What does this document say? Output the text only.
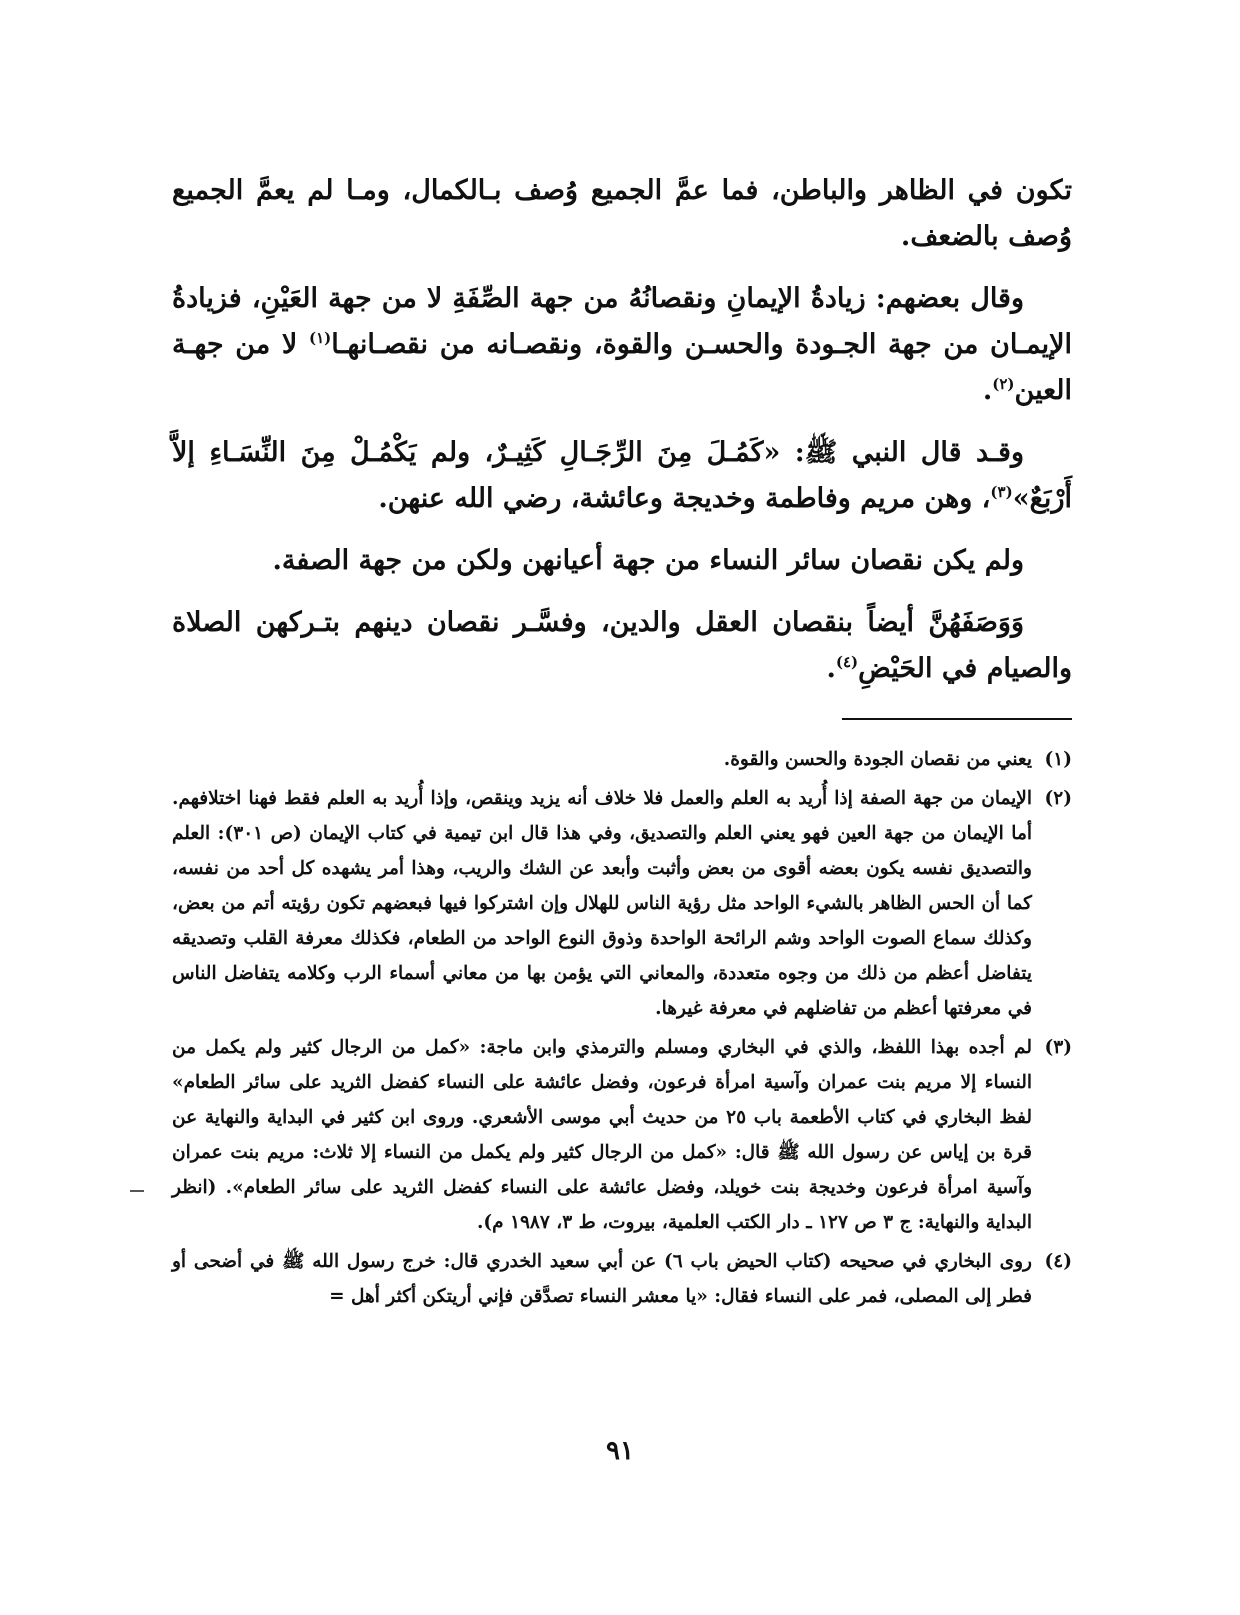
تكون في الظاهر والباطن، فما عمَّ الجميع وُصف بـالكمال، ومـا لم يعمَّ الجميع وُصف بالضعف.

وقال بعضهم: زيادةُ الإيمانِ ونقصانُهُ من جهة الصِّفَةِ لا من جهة العَيْنِ، فزيادةُ الإيمـان من جهة الجـودة والحسـن والقوة، ونقصـانه من نقصـانهـا$^{(١)}$ لا من جهـة العين$^{(٢)}$.

وقـد قال النبي ﷺ: «كَمُـلَ مِنَ الرِّجَـالِ كَثِيـرٌ، ولم يَكْمُـلْ مِنَ النِّسَـاءِ إلاَّ أَرْبَعٌ»$^{(٣)}$، وهن مريم وفاطمة وخديجة وعائشة، رضي الله عنهن.

ولم يكن نقصان سائر النساء من جهة أعيانهن ولكن من جهة الصفة.

وَوَصَفَهُنَّ أيضاً بنقصان العقل والدين، وفسَّـر نقصان دينهم بتـركهن الصلاة والصيام في الحَيْضِ$^{(٤)}$.

(١)
يعني من نقصان الجودة والحسن والقوة.
(٢)
الإيمان من جهة الصفة إذا أُريد به العلم والعمل فلا خلاف أنه يزيد وينقص، وإذا أُريد به العلم فقط فهنا اختلافهم. أما الإيمان من جهة العين فهو يعني العلم والتصديق، وفي هذا قال ابن تيمية في كتاب الإيمان (ص ٣٠١): العلم والتصديق نفسه يكون بعضه أقوى من بعض وأثبت وأبعد عن الشك والريب، وهذا أمر يشهده كل أحد من نفسه، كما أن الحس الظاهر بالشيء الواحد مثل رؤية الناس للهلال وإن اشتركوا فيها فبعضهم تكون رؤيته أتم من بعض، وكذلك سماع الصوت الواحد وشم الرائحة الواحدة وذوق النوع الواحد من الطعام، فكذلك معرفة القلب وتصديقه يتفاضل أعظم من ذلك من وجوه متعددة، والمعاني التي يؤمن بها من معاني أسماء الرب وكلامه يتفاضل الناس في معرفتها أعظم من تفاضلهم في معرفة غيرها.
(٣)
لم أجده بهذا اللفظ، والذي في البخاري ومسلم والترمذي وابن ماجة: «كمل من الرجال كثير ولم يكمل من النساء إلا مريم بنت عمران وآسية امرأة فرعون، وفضل عائشة على النساء كفضل الثريد على سائر الطعام» لفظ البخاري في كتاب الأطعمة باب ٢٥ من حديث أبي موسى الأشعري. وروى ابن كثير في البداية والنهاية عن قرة بن إياس عن رسول الله ﷺ قال: «كمل من الرجال كثير ولم يكمل من النساء إلا ثلاث: مريم بنت عمران وآسية امرأة فرعون وخديجة بنت خويلد، وفضل عائشة على النساء كفضل الثريد على سائر الطعام». (انظر البداية والنهاية: ج ٣ ص ١٢٧ ـ دار الكتب العلمية، بيروت، ط ٣، ١٩٨٧ م).
(٤)
روى البخاري في صحيحه (كتاب الحيض باب ٦) عن أبي سعيد الخدري قال: خرج رسول الله ﷺ في أضحى أو فطر إلى المصلى، فمر على النساء فقال: «يا معشر النساء تصدَّقن فإني أريتكن أكثر أهل =
٩١
